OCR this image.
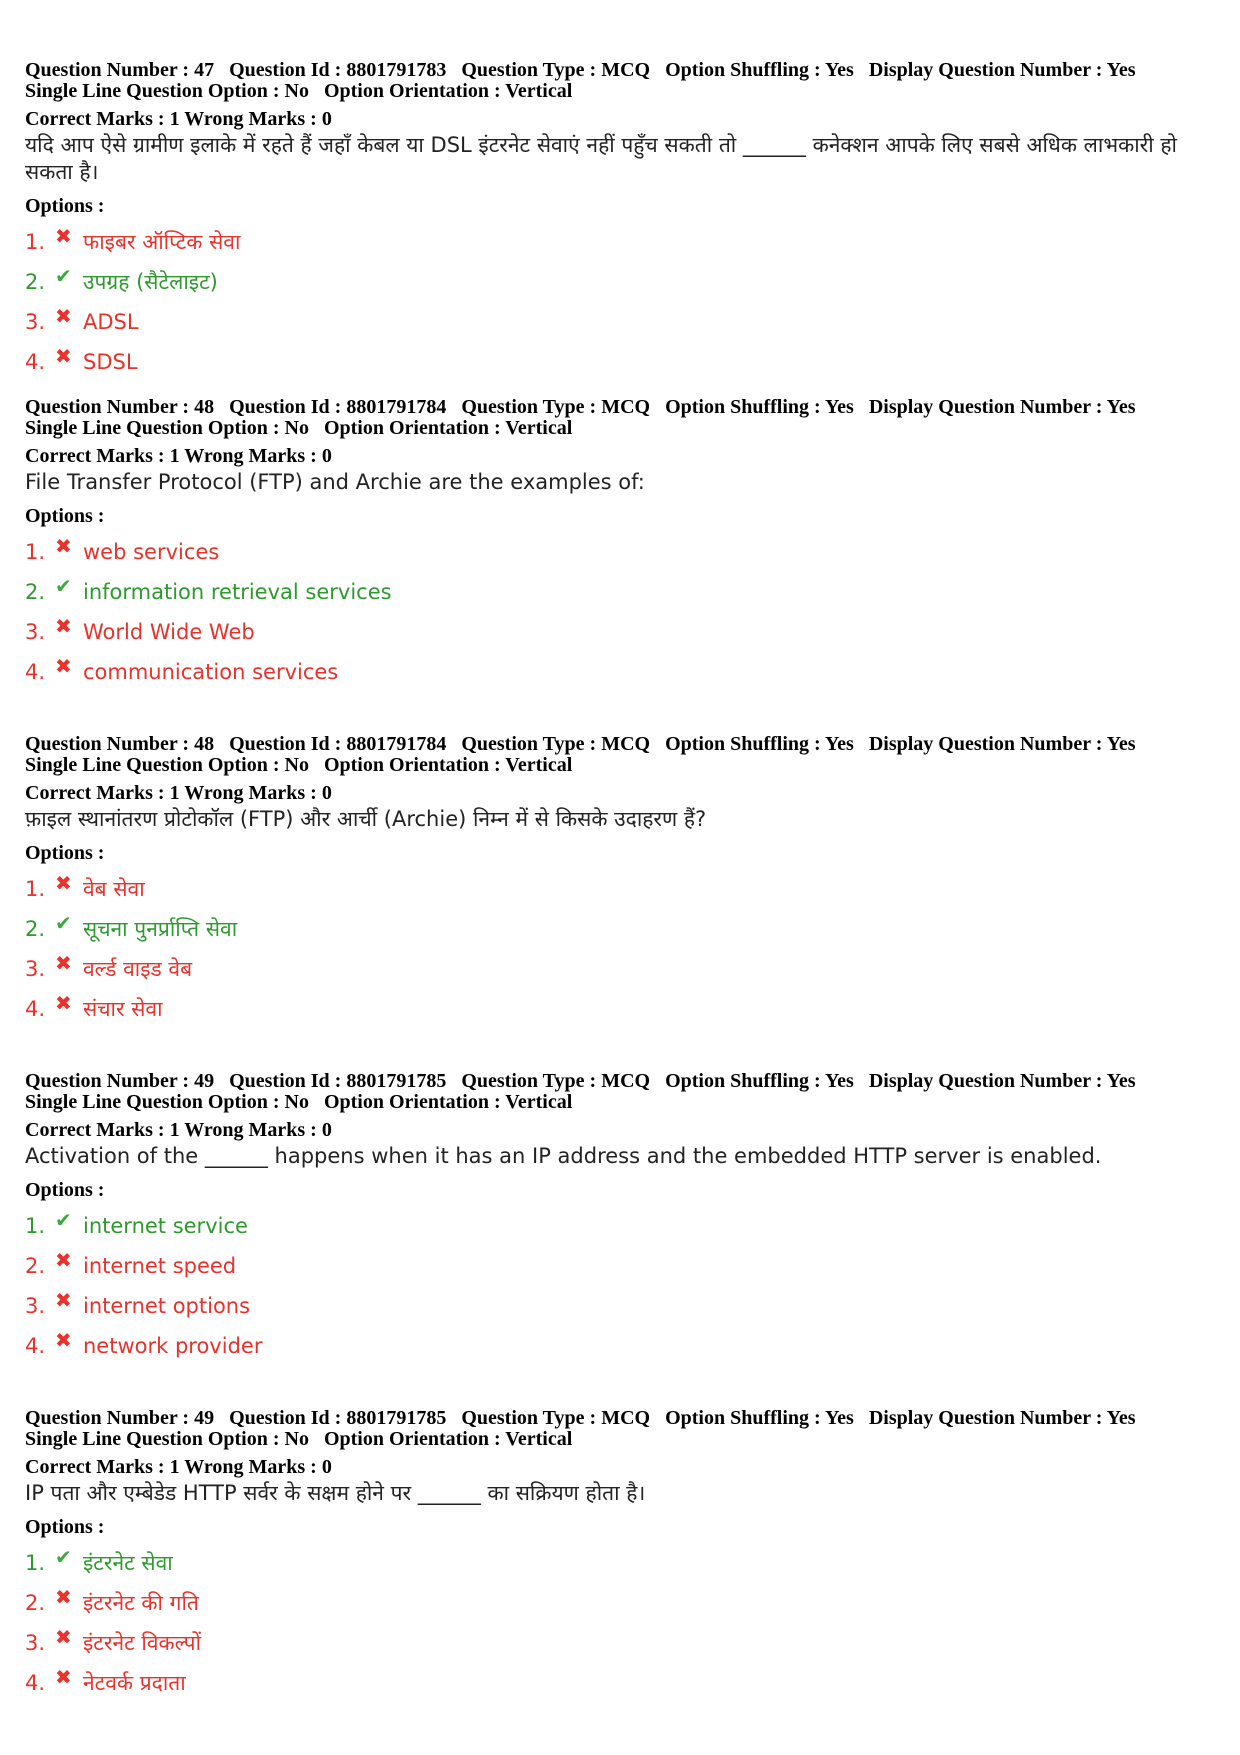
Question Number : 47 Question Id : 8801791783 Question Type : MCQ Option Shuffling : Yes Display Question Number : Yes
Single Line Question Option : No Option Orientation : Vertical
Correct Marks : 1 Wrong Marks : 0
यदि आप ऐसे ग्रामीण इलाके में रहते हैं जहाँ केबल या DSL इंटरनेट सेवाएं नहीं पहुँच सकती तो ______ कनेक्शन आपके लिए सबसे अधिक लाभकारी हो सकता है।
Options :
1. ✖ फाइबर ऑप्टिक सेवा
2. ✔ उपग्रह (सैटेलाइट)
3. ✖ ADSL
4. ✖ SDSL
Question Number : 48 Question Id : 8801791784 Question Type : MCQ Option Shuffling : Yes Display Question Number : Yes
Single Line Question Option : No Option Orientation : Vertical
Correct Marks : 1 Wrong Marks : 0
File Transfer Protocol (FTP) and Archie are the examples of:
Options :
1. ✖ web services
2. ✔ information retrieval services
3. ✖ World Wide Web
4. ✖ communication services
Question Number : 48 Question Id : 8801791784 Question Type : MCQ Option Shuffling : Yes Display Question Number : Yes
Single Line Question Option : No Option Orientation : Vertical
Correct Marks : 1 Wrong Marks : 0
फ़ाइल स्थानांतरण प्रोटोकॉल (FTP) और आर्ची (Archie) निम्न में से किसके उदाहरण हैं?
Options :
1. ✖ वेब सेवा
2. ✔ सूचना पुनर्प्राप्ति सेवा
3. ✖ वर्ल्ड वाइड वेब
4. ✖ संचार सेवा
Question Number : 49 Question Id : 8801791785 Question Type : MCQ Option Shuffling : Yes Display Question Number : Yes
Single Line Question Option : No Option Orientation : Vertical
Correct Marks : 1 Wrong Marks : 0
Activation of the ______ happens when it has an IP address and the embedded HTTP server is enabled.
Options :
1. ✔ internet service
2. ✖ internet speed
3. ✖ internet options
4. ✖ network provider
Question Number : 49 Question Id : 8801791785 Question Type : MCQ Option Shuffling : Yes Display Question Number : Yes
Single Line Question Option : No Option Orientation : Vertical
Correct Marks : 1 Wrong Marks : 0
IP पता और एम्बेडेड HTTP सर्वर के सक्षम होने पर ______ का सक्रियण होता है।
Options :
1. ✔ इंटरनेट सेवा
2. ✖ इंटरनेट की गति
3. ✖ इंटरनेट विकल्पों
4. ✖ नेटवर्क प्रदाता
